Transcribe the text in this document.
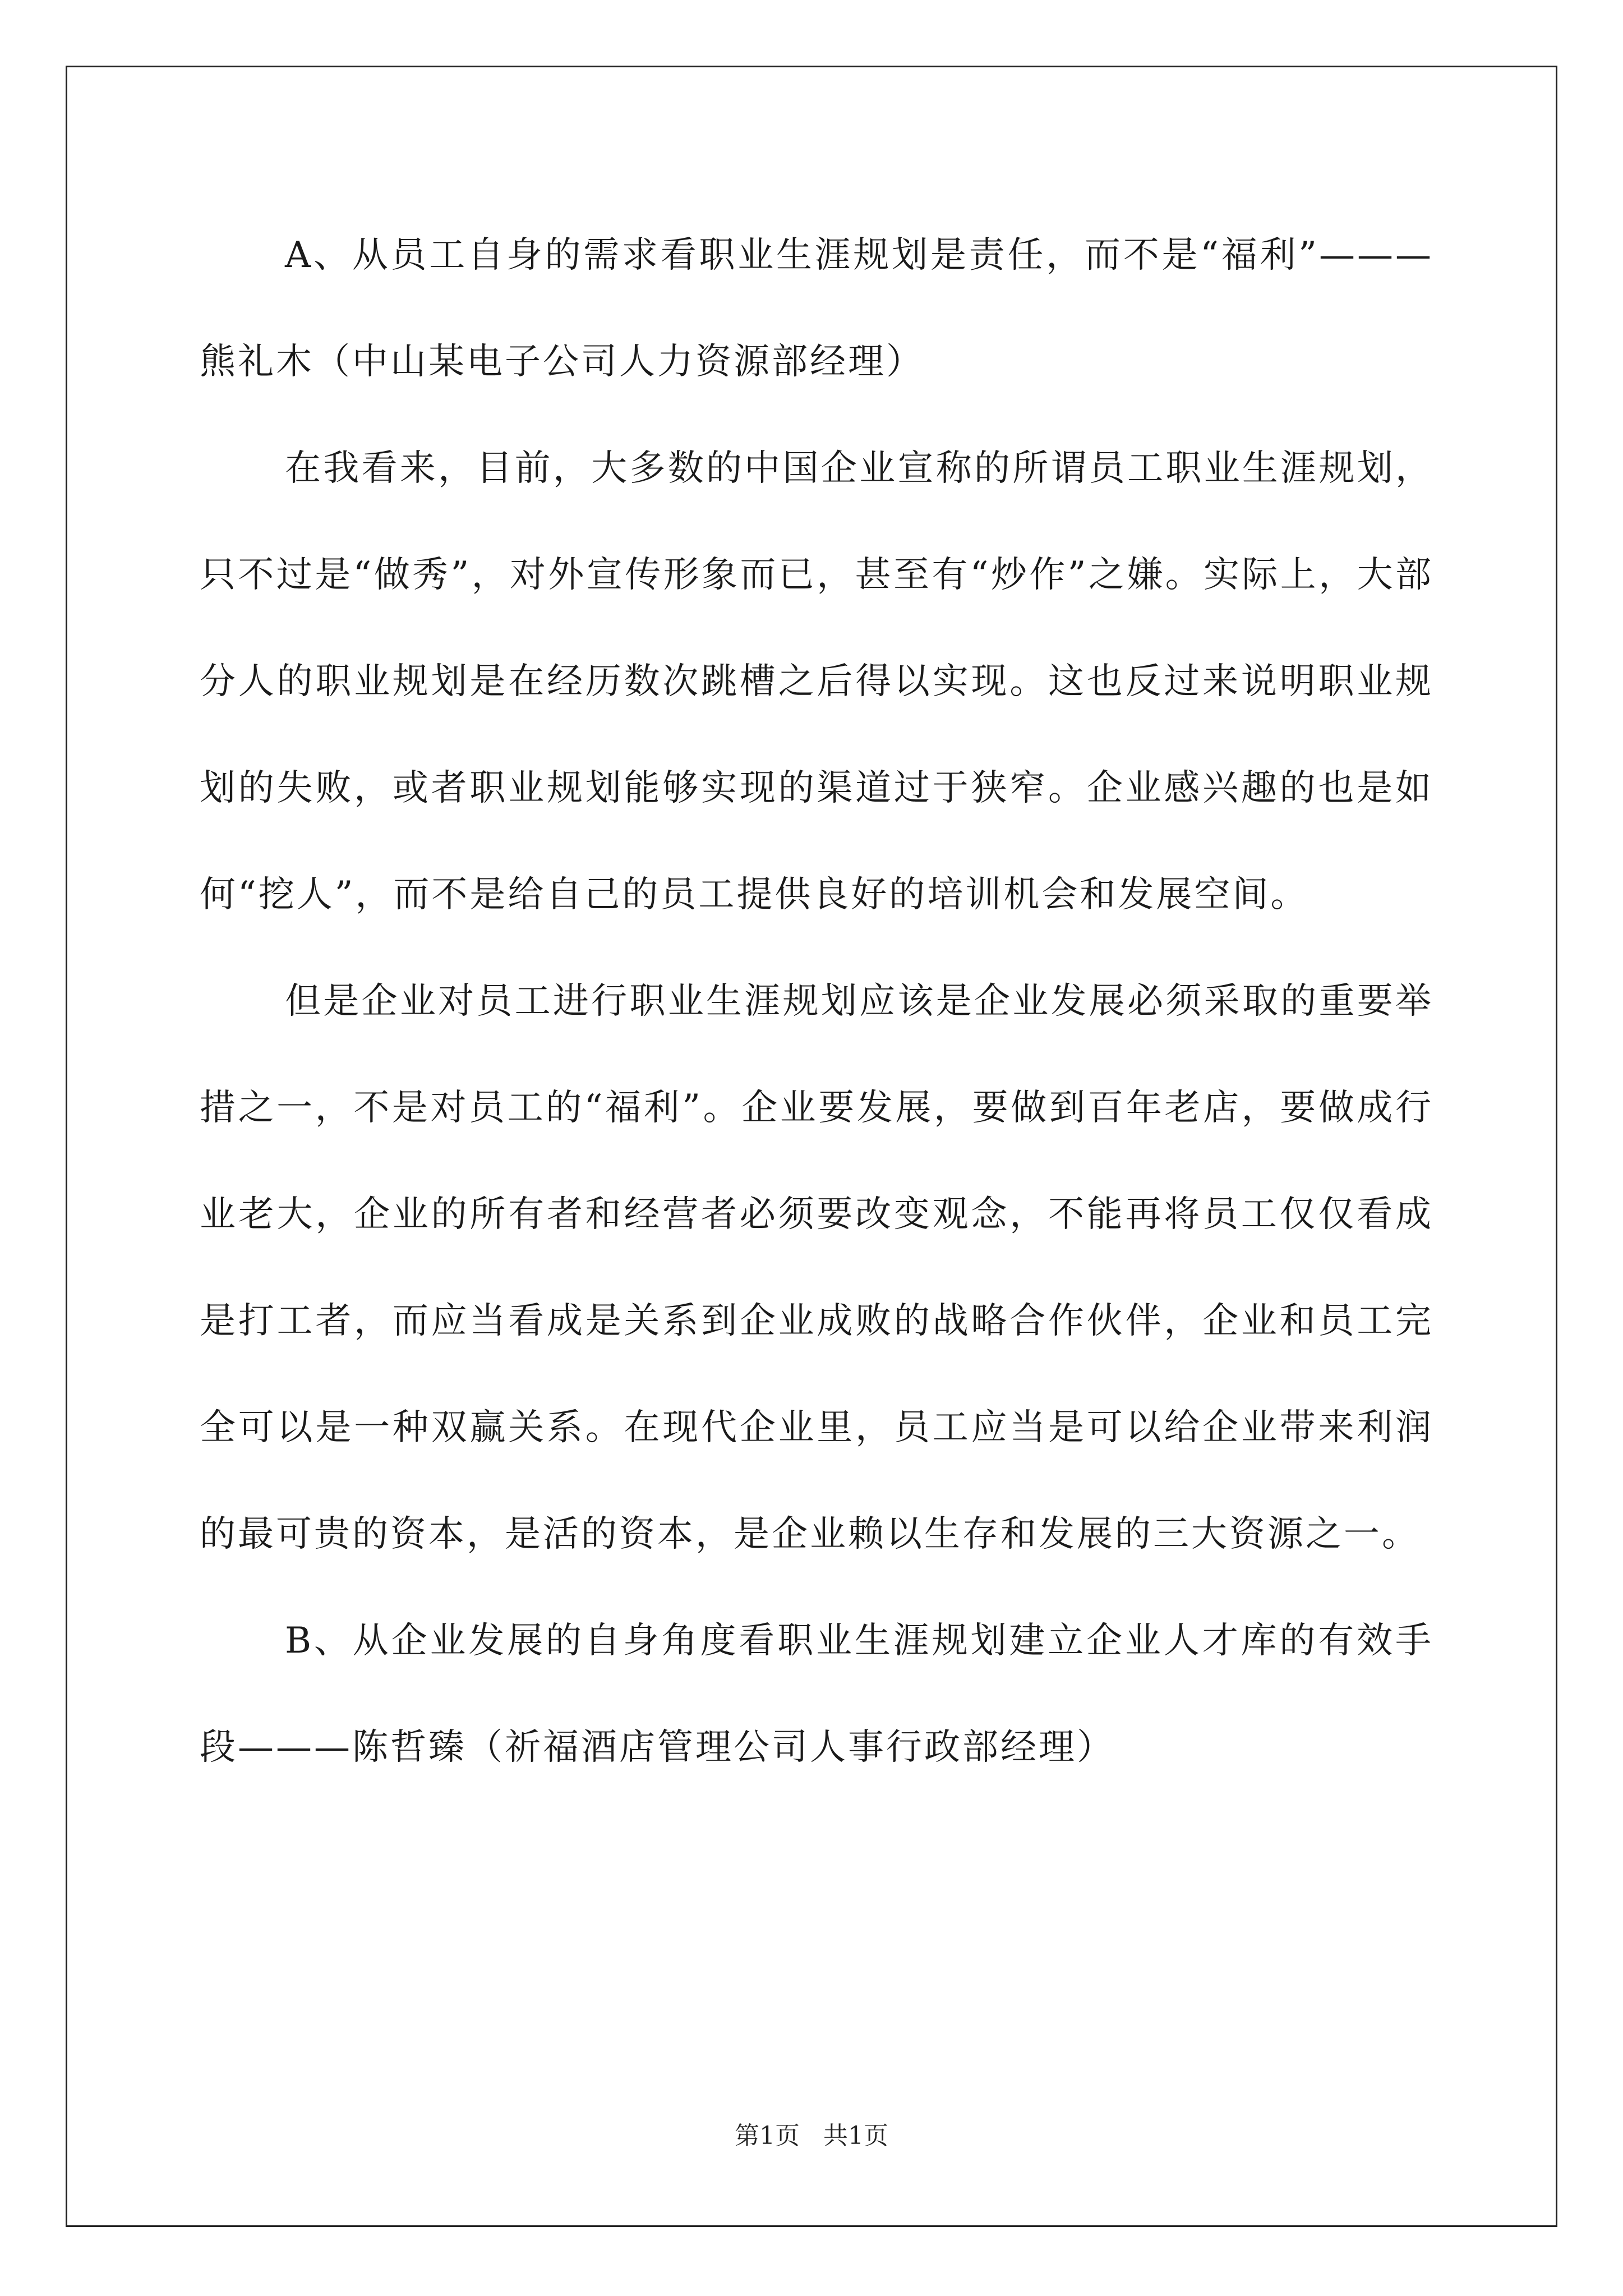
A、从员工自身的需求看职业生涯规划是责任，而不是“福利”———熊礼木（中山某电子公司人力资源部经理）

在我看来，目前，大多数的中国企业宣称的所谓员工职业生涯规划，只不过是“做秀”，对外宣传形象而已，甚至有“炒作”之嫌。实际上，大部分人的职业规划是在经历数次跳槽之后得以实现。这也反过来说明职业规划的失败，或者职业规划能够实现的渠道过于狭窄。企业感兴趣的也是如何“挖人”，而不是给自己的员工提供良好的培训机会和发展空间。

但是企业对员工进行职业生涯规划应该是企业发展必须采取的重要举措之一，不是对员工的“福利”。企业要发展，要做到百年老店，要做成行业老大，企业的所有者和经营者必须要改变观念，不能再将员工仅仅看成是打工者，而应当看成是关系到企业成败的战略合作伙伴，企业和员工完全可以是一种双赢关系。在现代企业里，员工应当是可以给企业带来利润的最可贵的资本，是活的资本，是企业赖以生存和发展的三大资源之一。

B、从企业发展的自身角度看职业生涯规划建立企业人才库的有效手段———陈哲臻（祈福酒店管理公司人事行政部经理）

第1页 共1页
